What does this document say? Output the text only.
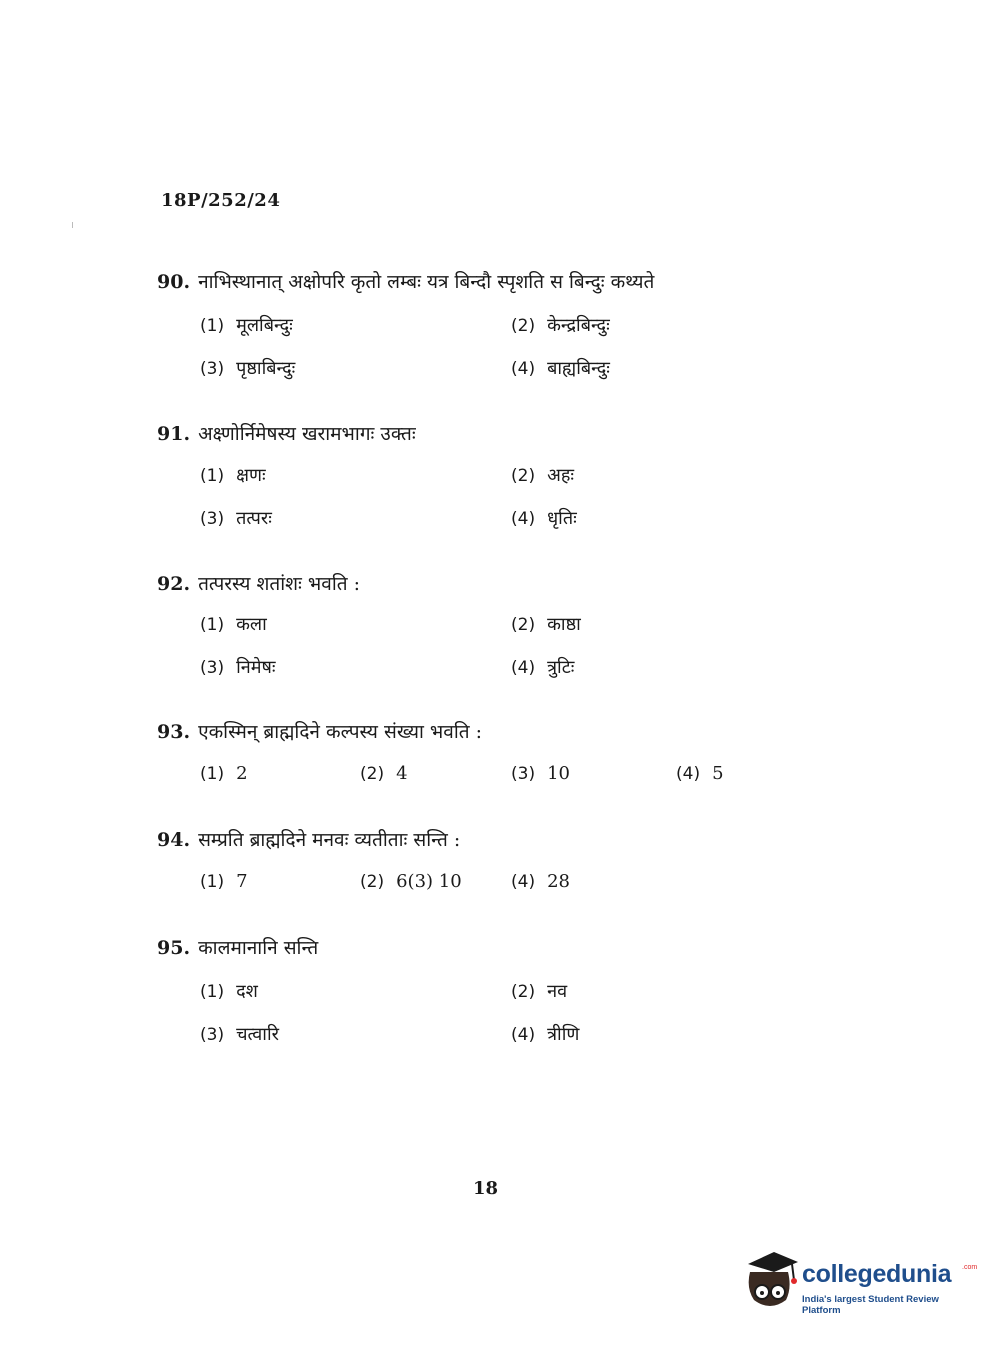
18P/252/24
90. नाभिस्थानात् अक्षोपरि कृतो लम्बः यत्र बिन्दौ स्पृशति स बिन्दुः कथ्यते
(1) मूलबिन्दुः	(2) केन्द्रबिन्दुः
(3) पृष्ठाबिन्दुः	(4) बाह्यबिन्दुः
91. अक्ष्णोर्निमेषस्य खरामभागः उक्तः
(1) क्षणः	(2) अहः
(3) तत्परः	(4) धृतिः
92. तत्परस्य शतांशः भवति :
(1) कला	(2) काष्ठा
(3) निमेषः	(4) त्रुटिः
93. एकस्मिन् ब्राह्मदिने कल्पस्य संख्या भवति :
(1) 2	(2) 4	(3) 10	(4) 5
94. सम्प्रति ब्राह्मदिने मनवः व्यतीताः सन्ति :
(1) 7	(2) 6(3) 10	(4) 28
95. कालमानानि सन्ति
(1) दश	(2) नव
(3) चत्वारि	(4) त्रीणि
18
collegedunia .com
India's largest Student Review Platform
